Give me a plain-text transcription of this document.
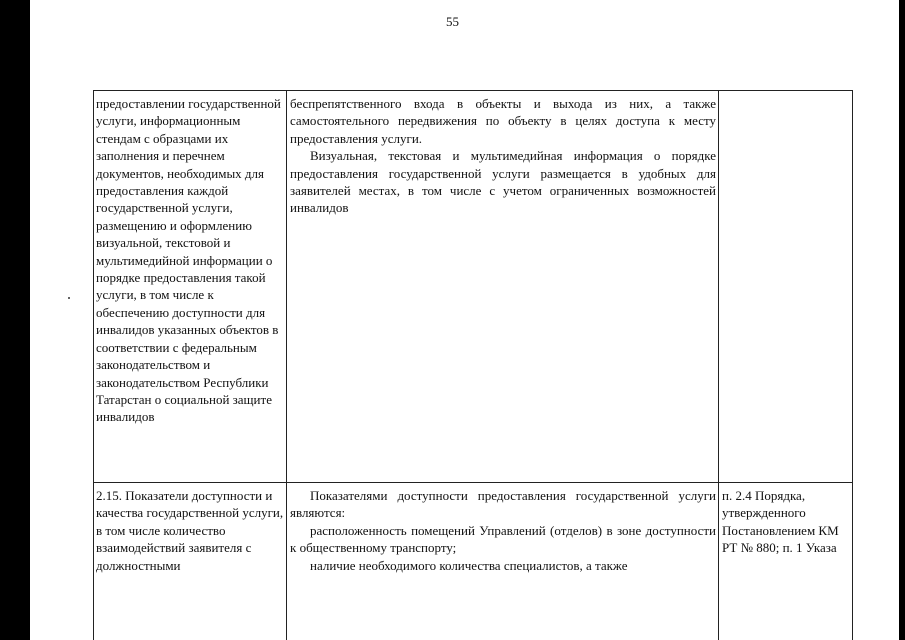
55
предоставлении государственной услуги, информационным стендам с образцами их заполнения и перечнем документов, необходимых для предоставления каждой государственной услуги, размещению и оформлению визуальной, текстовой и мультимедийной информации о порядке предоставления такой услуги, в том числе к обеспечению доступности для инвалидов указанных объектов в соответствии с федеральным законодательством и законодательством Республики Татарстан о социальной защите инвалидов

беспрепятственного входа в объекты и выхода из них, а также самостоятельного передвижения по объекту в целях доступа к месту предоставления услуги.

Визуальная, текстовая и мультимедийная информация о порядке предоставления государственной услуги размещается в удобных для заявителей местах, в том числе с учетом ограниченных возможностей инвалидов

2.15. Показатели доступности и качества государственной услуги, в том числе количество взаимодействий заявителя с должностными

Показателями доступности предоставления государственной услуги являются:

расположенность помещений Управлений (отделов) в зоне доступности к общественному транспорту;

наличие необходимого количества специалистов, а также

п. 2.4 Порядка, утвержденного Постановлением КМ РТ № 880; п. 1 Указа
